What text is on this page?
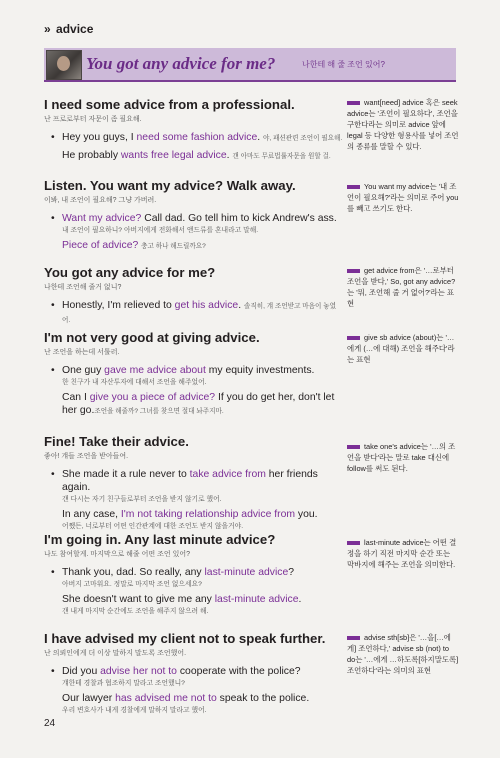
» advice
You got any advice for me?	나한테 해 줄 조언 있어?
I need some advice from a professional.
난 프로로부터 자문이 좀 필요해.
• Hey you guys, I need some fashion advice. 야, 패션관련 조언이 필요해.
He probably wants free legal advice. 걘 아마도 무료법률자문을 원할 걸.
want[need] advice 혹은 seek advice는 '조언이 필요하다', 조언을 구한다라는 의미로 advice 앞에 legal 등 다양한 형용사를 넣어 조언의 종류를 말할 수 있다.
Listen. You want my advice? Walk away.
이봐, 내 조언이 필요해? 그냥 가버려.
• Want my advice? Call dad. Go tell him to kick Andrew's ass.
내 조언이 필요하니? 아버지에게 전화해서 앤드류를 혼내라고 말해.
Piece of advice? 충고 하나 해드릴까요?
You want my advice는 '내 조언이 필요해?'라는 의미로 주어 you를 빼고 쓰기도 한다.
You got any advice for me?
나한테 조언해 줄거 없니?
• Honestly, I'm relieved to get his advice. 솔직히, 걔 조언받고 마음이 놓였어.
get advice from은 '…로부터 조언을 받다,' So, got any advice?는 '뭐, 조언해 줄 거 없어?'라는 표현
I'm not very good at giving advice.
난 조언을 하는데 서툴러.
• One guy gave me advice about my equity investments.
한 친구가 내 자산투자에 대해서 조언을 해주었어.
Can I give you a piece of advice? If you do get her, don't let her go.조언을 해줄까? 그녀를 찾으면 절대 놔주지마.
give sb advice (about)는 '…에게 (…에 대해) 조언을 해주다'라는 표현
Fine! Take their advice.
좋아! 걔들 조언을 받아들여.
• She made it a rule never to take advice from her friends again.
걘 다시는 자기 친구들로부터 조언을 받지 않기로 했어.
In any case, I'm not taking relationship advice from you.
어쨌든, 너로부터 어떤 인간관계에 대한 조언도 받지 않을거야.
take one's advice는 '…의 조언을 받다'라는 말로 take 대신에 follow를 써도 된다.
I'm going in. Any last minute advice?
나도 참여할게. 마지막으로 해줄 어떤 조언 있어?
• Thank you, dad. So really, any last-minute advice?
아버지 고마워요. 정말로 마지막 조언 없으세요?
She doesn't want to give me any last-minute advice.
걘 내게 마지막 순간에도 조언을 해주지 않으려 해.
last-minute advice는 어떤 결정을 하기 직전 마지막 순간 또는 막바지에 해주는 조언을 의미한다.
I have advised my client not to speak further.
난 의뢰인에게 더 이상 말하지 말도록 조언했어.
• Did you advise her not to cooperate with the police?
걔한테 경찰과 협조하지 말라고 조언했니?
Our lawyer has advised me not to speak to the police.
우리 변호사가 내게 경찰에게 말하지 말라고 했어.
advise sth[sb]은 '…을[…에게] 조언하다,' advise sb (not) to do는 '…에게 …하도록[하지말도록] 조언하다'라는 의미의 표현
24
